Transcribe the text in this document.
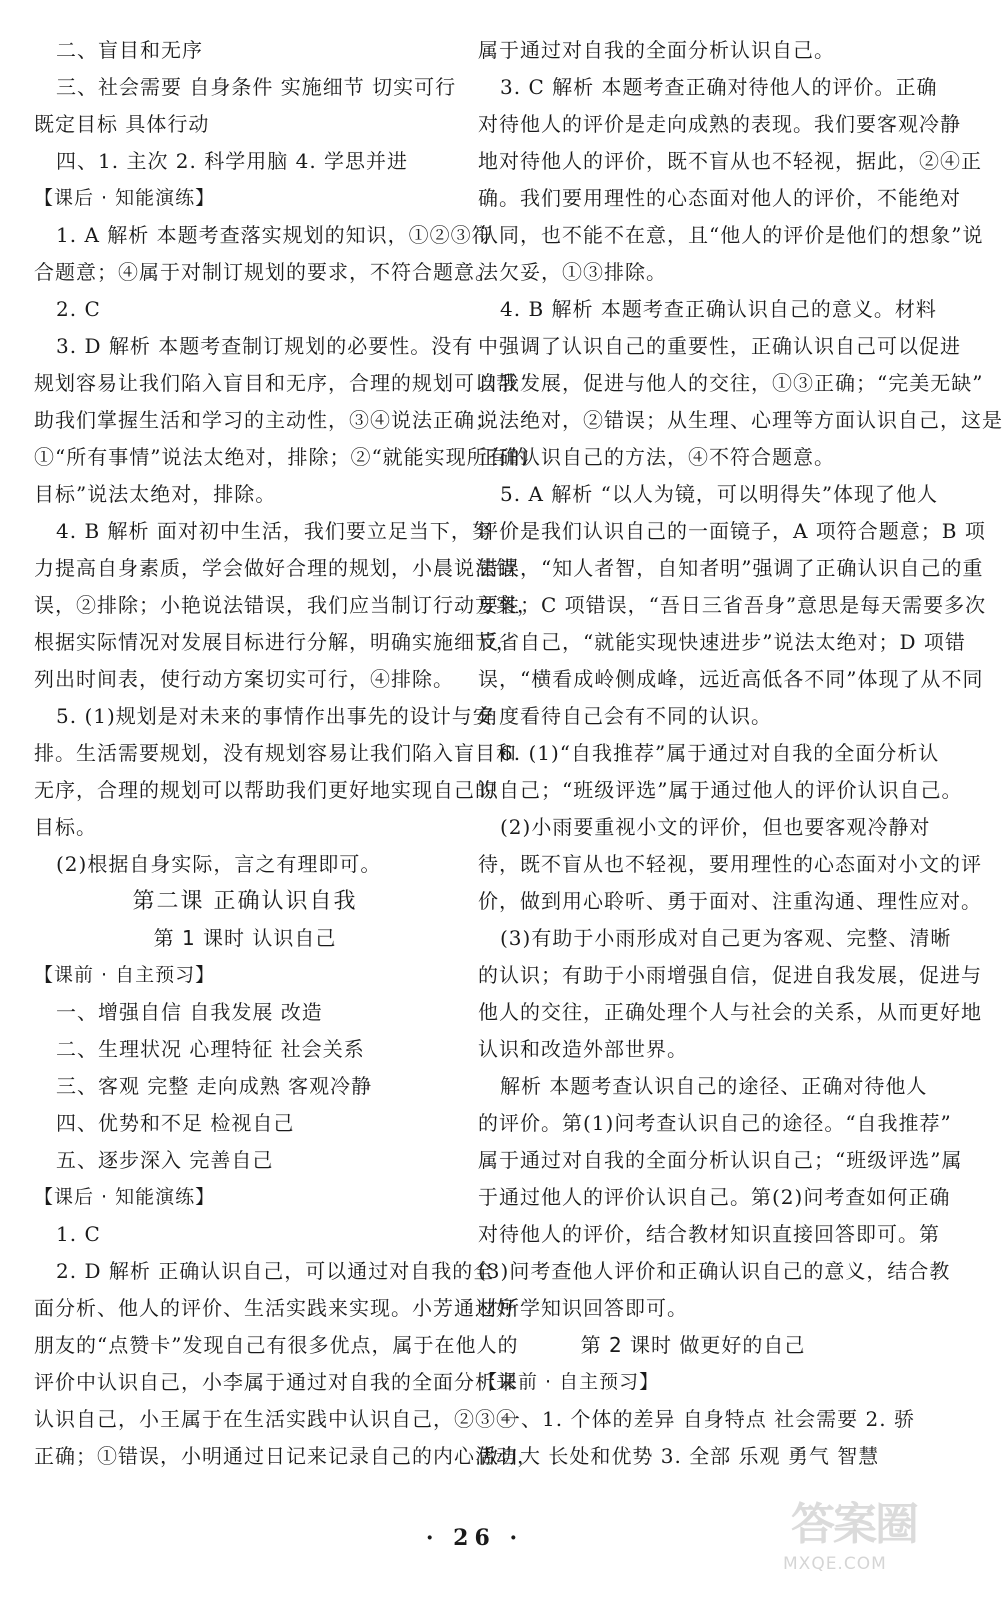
二、盲目和无序
三、社会需要 自身条件 实施细节 切实可行
既定目标 具体行动
四、1. 主次 2. 科学用脑 4. 学思并进
【课后 · 知能演练】
1. A 解析 本题考查落实规划的知识，①②③符
合题意；④属于对制订规划的要求，不符合题意。
2. C
3. D 解析 本题考查制订规划的必要性。没有
规划容易让我们陷入盲目和无序，合理的规划可以帮
助我们掌握生活和学习的主动性，③④说法正确；
①“所有事情”说法太绝对，排除；②“就能实现所有的
目标”说法太绝对，排除。
4. B 解析 面对初中生活，我们要立足当下，努
力提高自身素质，学会做好合理的规划，小晨说法错
误，②排除；小艳说法错误，我们应当制订行动方案，
根据实际情况对发展目标进行分解，明确实施细节，
列出时间表，使行动方案切实可行，④排除。
5. (1)规划是对未来的事情作出事先的设计与安
排。生活需要规划，没有规划容易让我们陷入盲目和
无序，合理的规划可以帮助我们更好地实现自己的
目标。
(2)根据自身实际，言之有理即可。
第二课 正确认识自我
第 1 课时 认识自己
【课前 · 自主预习】
一、增强自信 自我发展 改造
二、生理状况 心理特征 社会关系
三、客观 完整 走向成熟 客观冷静
四、优势和不足 检视自己
五、逐步深入 完善自己
【课后 · 知能演练】
1. C
2. D 解析 正确认识自己，可以通过对自我的全
面分析、他人的评价、生活实践来实现。小芳通过好
朋友的“点赞卡”发现自己有很多优点，属于在他人的
评价中认识自己，小李属于通过对自我的全面分析来
认识自己，小王属于在生活实践中认识自己，②③④
正确；①错误，小明通过日记来记录自己的内心活动，
属于通过对自我的全面分析认识自己。
3. C 解析 本题考查正确对待他人的评价。正确
对待他人的评价是走向成熟的表现。我们要客观冷静
地对待他人的评价，既不盲从也不轻视，据此，②④正
确。我们要用理性的心态面对他人的评价，不能绝对
认同，也不能不在意，且“他人的评价是他们的想象”说
法欠妥，①③排除。
4. B 解析 本题考查正确认识自己的意义。材料
中强调了认识自己的重要性，正确认识自己可以促进
自我发展，促进与他人的交往，①③正确；“完美无缺”
说法绝对，②错误；从生理、心理等方面认识自己，这是
正确认识自己的方法，④不符合题意。
5. A 解析 “以人为镜，可以明得失”体现了他人
评价是我们认识自己的一面镜子，A 项符合题意；B 项
错误，“知人者智，自知者明”强调了正确认识自己的重
要性；C 项错误，“吾日三省吾身”意思是每天需要多次
反省自己，“就能实现快速进步”说法太绝对；D 项错
误，“横看成岭侧成峰，远近高低各不同”体现了从不同
角度看待自己会有不同的认识。
6. (1)“自我推荐”属于通过对自我的全面分析认
识自己；“班级评选”属于通过他人的评价认识自己。
(2)小雨要重视小文的评价，但也要客观冷静对
待，既不盲从也不轻视，要用理性的心态面对小文的评
价，做到用心聆听、勇于面对、注重沟通、理性应对。
(3)有助于小雨形成对自己更为客观、完整、清晰
的认识；有助于小雨增强自信，促进自我发展，促进与
他人的交往，正确处理个人与社会的关系，从而更好地
认识和改造外部世界。
解析 本题考查认识自己的途径、正确对待他人
的评价。第(1)问考查认识自己的途径。“自我推荐”
属于通过对自我的全面分析认识自己；“班级评选”属
于通过他人的评价认识自己。第(2)问考查如何正确
对待他人的评价，结合教材知识直接回答即可。第
(3)问考查他人评价和正确认识自己的意义，结合教
材所学知识回答即可。
第 2 课时 做更好的自己
【课前 · 自主预习】
一、1. 个体的差异 自身特点 社会需要 2. 骄
傲自大 长处和优势 3. 全部 乐观 勇气 智慧
· 26 ·	答案圈
MXQE.COM
